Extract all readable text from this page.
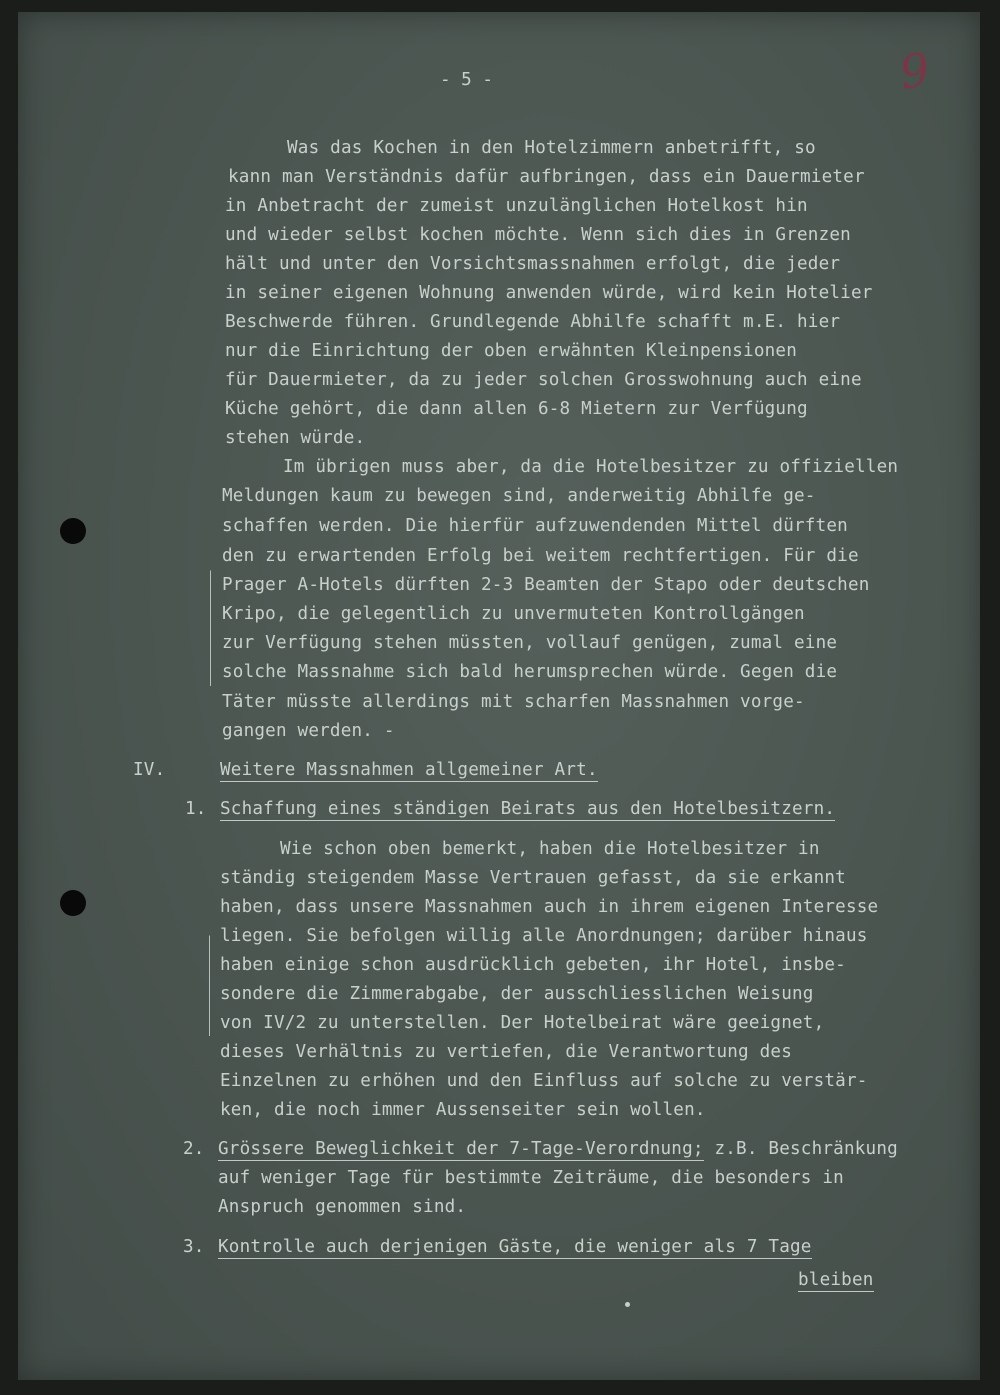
- 5 -	9
Was das Kochen in den Hotelzimmern anbetrifft, so
kann man Verständnis dafür aufbringen, dass ein Dauermieter
in Anbetracht der zumeist unzulänglichen Hotelkost hin
und wieder selbst kochen möchte. Wenn sich dies in Grenzen
hält und unter den Vorsichtsmassnahmen erfolgt, die jeder
in seiner eigenen Wohnung anwenden würde, wird kein Hotelier
Beschwerde führen. Grundlegende Abhilfe schafft m.E. hier
nur die Einrichtung der oben erwähnten Kleinpensionen
für Dauermieter, da zu jeder solchen Grosswohnung auch eine
Küche gehört, die dann allen 6-8 Mietern zur Verfügung
stehen würde.
Im übrigen muss aber, da die Hotelbesitzer zu offiziellen
Meldungen kaum zu bewegen sind, anderweitig Abhilfe ge-
schaffen werden. Die hierfür aufzuwendenden Mittel dürften
den zu erwartenden Erfolg bei weitem rechtfertigen. Für die
Prager A-Hotels dürften 2-3 Beamten der Stapo oder deutschen
Kripo, die gelegentlich zu unvermuteten Kontrollgängen
zur Verfügung stehen müssten, vollauf genügen, zumal eine
solche Massnahme sich bald herumsprechen würde. Gegen die
Täter müsste allerdings mit scharfen Massnahmen vorge-
gangen werden. -
IV.	Weitere Massnahmen allgemeiner Art.
1. Schaffung eines ständigen Beirats aus den Hotelbesitzern.
Wie schon oben bemerkt, haben die Hotelbesitzer in
ständig steigendem Masse Vertrauen gefasst, da sie erkannt
haben, dass unsere Massnahmen auch in ihrem eigenen Interesse
liegen. Sie befolgen willig alle Anordnungen; darüber hinaus
haben einige schon ausdrücklich gebeten, ihr Hotel, insbe-
sondere die Zimmerabgabe, der ausschliesslichen Weisung
von IV/2 zu unterstellen. Der Hotelbeirat wäre geeignet,
dieses Verhältnis zu vertiefen, die Verantwortung des
Einzelnen zu erhöhen und den Einfluss auf solche zu verstär-
ken, die noch immer Aussenseiter sein wollen.
2. Grössere Beweglichkeit der 7-Tage-Verordnung; z.B. Beschränkung
auf weniger Tage für bestimmte Zeiträume, die besonders in
Anspruch genommen sind.
3. Kontrolle auch derjenigen Gäste, die weniger als 7 Tage
bleiben
